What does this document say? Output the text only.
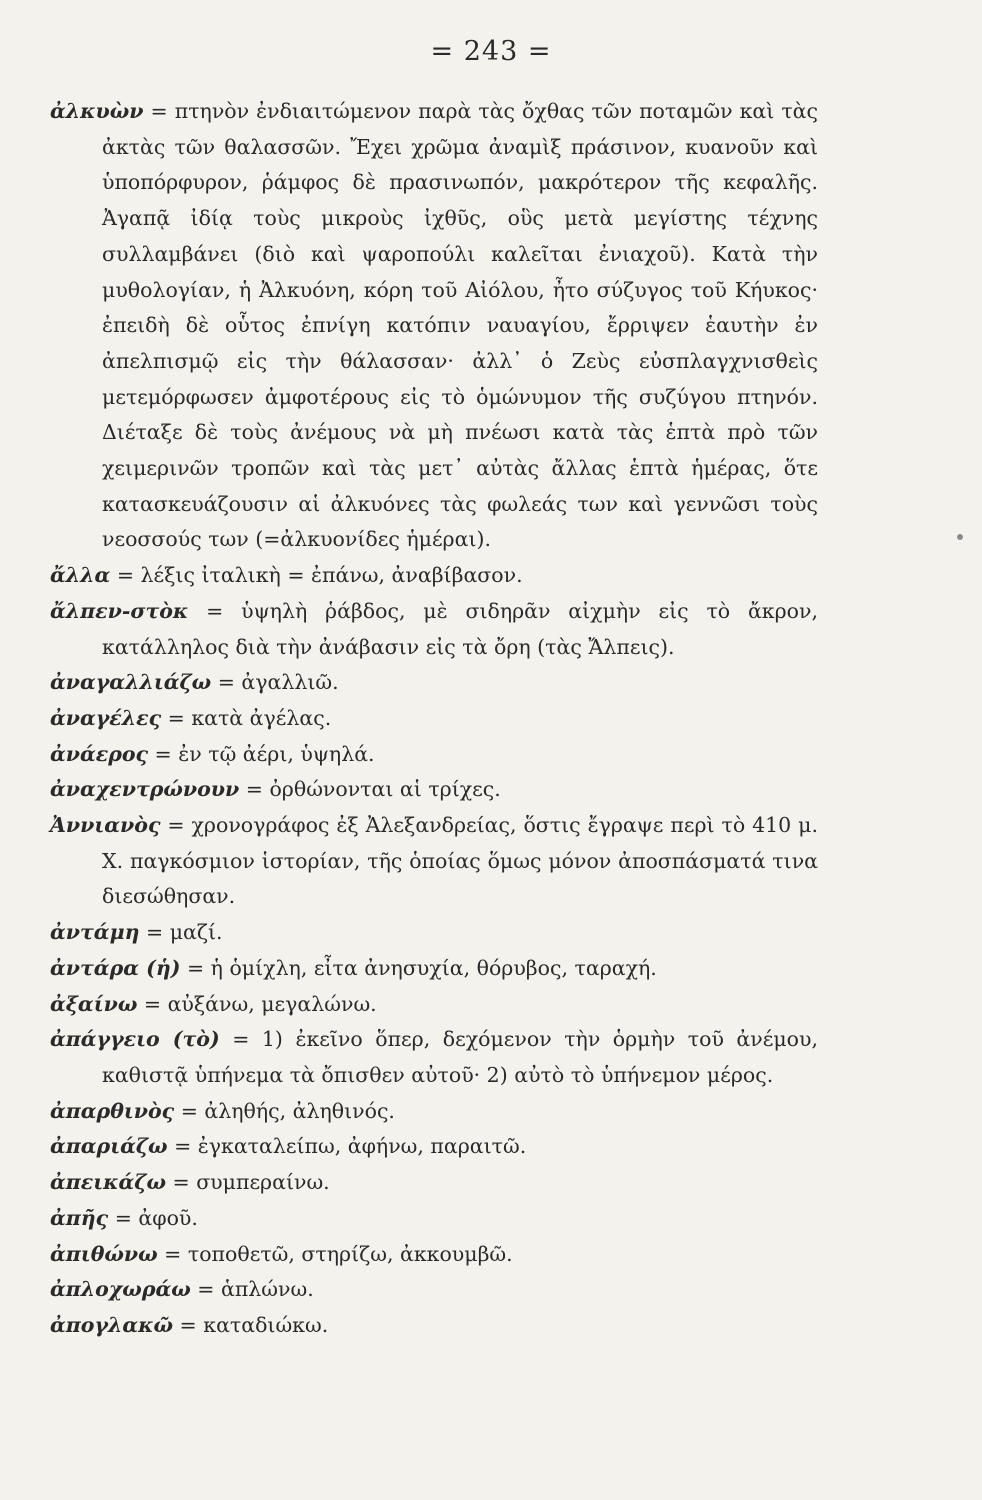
= 243 =
ἀλκυὼν = πτηνὸν ἐνδιαιτώμενον παρὰ τὰς ὄχθας τῶν ποταμῶν καὶ τὰς ἀκτὰς τῶν θαλασσῶν. Ἔχει χρῶμα ἀναμὶξ πράσινον, κυανοῦν καὶ ὑποπόρφυρον, ῥάμφος δὲ πρασινωπόν, μακρότερον τῆς κεφαλῆς. Ἀγαπᾷ ἰδίᾳ τοὺς μικροὺς ἰχθῦς, οὓς μετὰ μεγίστης τέχνης συλλαμβάνει (διὸ καὶ ψαροπούλι καλεῖται ἐνιαχοῦ). Κατὰ τὴν μυθολογίαν, ἡ Ἀλκυόνη, κόρη τοῦ Αἰόλου, ἦτο σύζυγος τοῦ Κήυκος· ἐπειδὴ δὲ οὗτος ἐπνίγη κατόπιν ναυαγίου, ἔρριψεν ἑαυτὴν ἐν ἀπελπισμῷ εἰς τὴν θάλασσαν· ἀλλ᾽ ὁ Ζεὺς εὐσπλαγχνισθεὶς μετεμόρφωσεν ἀμφοτέρους εἰς τὸ ὁμώνυμον τῆς συζύγου πτηνόν. Διέταξε δὲ τοὺς ἀνέμους νὰ μὴ πνέωσι κατὰ τὰς ἑπτὰ πρὸ τῶν χειμερινῶν τροπῶν καὶ τὰς μετ᾽ αὐτὰς ἄλλας ἑπτὰ ἡμέρας, ὅτε κατασκευάζουσιν αἱ ἀλκυόνες τὰς φωλεάς των καὶ γεννῶσι τοὺς νεοσσούς των (=ἀλκυονίδες ἡμέραι).
ἄλλα = λέξις ἰταλικὴ = ἐπάνω, ἀναβίβασον.
ἄλπεν-στὸκ = ὑψηλὴ ῥάβδος, μὲ σιδηρᾶν αἰχμὴν εἰς τὸ ἄκρον, κατάλληλος διὰ τὴν ἀνάβασιν εἰς τὰ ὄρη (τὰς Ἄλπεις).
ἀναγαλλιάζω = ἀγαλλιῶ.
ἀναγέλες = κατὰ ἀγέλας.
ἀνάερος = ἐν τῷ ἀέρι, ὑψηλά.
ἀναχεντρώνουν = ὀρθώνονται αἱ τρίχες.
Ἀννιανὸς = χρονογράφος ἐξ Ἀλεξανδρείας, ὅστις ἔγραψε περὶ τὸ 410 μ. Χ. παγκόσμιον ἱστορίαν, τῆς ὁποίας ὅμως μόνον ἀποσπάσματά τινα διεσώθησαν.
ἀντάμη = μαζί.
ἀντάρα (ἡ) = ἡ ὁμίχλη, εἶτα ἀνησυχία, θόρυβος, ταραχή.
ἀξαίνω = αὐξάνω, μεγαλώνω.
ἀπάγγειο (τὸ) = 1) ἐκεῖνο ὅπερ, δεχόμενον τὴν ὁρμὴν τοῦ ἀνέμου, καθιστᾷ ὑπήνεμα τὰ ὄπισθεν αὐτοῦ· 2) αὐτὸ τὸ ὑπήνεμον μέρος.
ἀπαρθινὸς = ἀληθής, ἀληθινός.
ἀπαριάζω = ἐγκαταλείπω, ἀφήνω, παραιτῶ.
ἀπεικάζω = συμπεραίνω.
ἀπῆς = ἀφοῦ.
ἀπιθώνω = τοποθετῶ, στηρίζω, ἀκκουμβῶ.
ἀπλοχωράω = ἁπλώνω.
ἀπογλακῶ = καταδιώκω.
